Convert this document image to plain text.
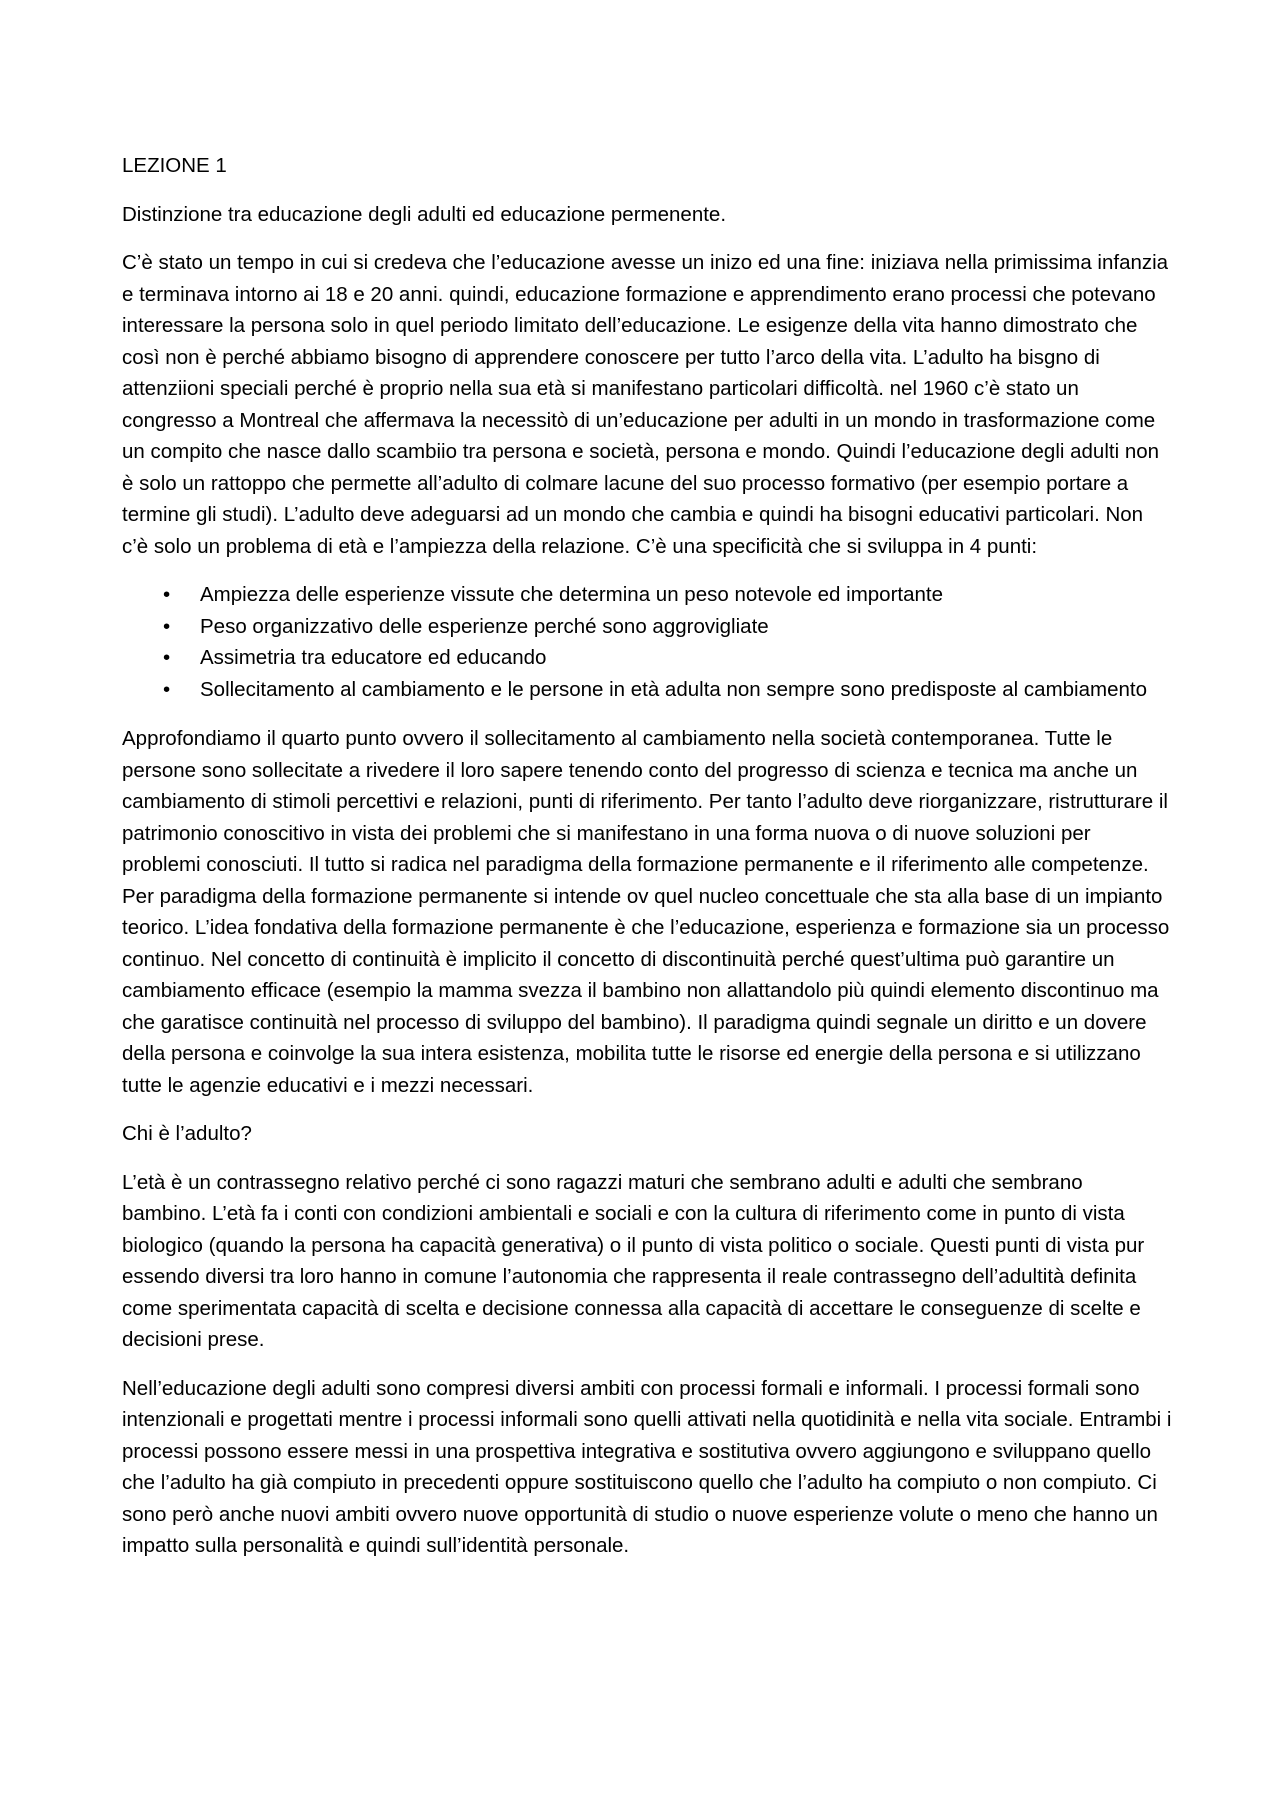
LEZIONE 1

Distinzione tra educazione degli adulti ed educazione permenente.

C’è stato un tempo in cui si credeva che l’educazione avesse un inizo ed una fine: iniziava nella primissima infanzia e terminava intorno ai 18 e 20 anni. quindi, educazione formazione e apprendimento erano processi che potevano interessare la persona solo in quel periodo limitato dell’educazione. Le esigenze della vita hanno dimostrato che così non è perché abbiamo bisogno di apprendere conoscere per tutto l’arco della vita. L’adulto ha bisgno di attenziioni speciali perché è proprio nella sua età si manifestano particolari difficoltà. nel 1960 c’è stato un congresso a Montreal che affermava la necessitò di un’educazione per adulti in un mondo in trasformazione come un compito che nasce dallo scambiio tra persona e società, persona e mondo. Quindi l’educazione degli adulti non è solo un rattoppo che permette all’adulto di colmare lacune del suo processo formativo (per esempio portare a termine gli studi). L’adulto deve adeguarsi ad un mondo che cambia e quindi ha bisogni educativi particolari. Non c’è solo un problema di età e l’ampiezza della relazione. C’è una specificità che si sviluppa in 4 punti:

• Ampiezza delle esperienze vissute che determina un peso notevole ed importante
• Peso organizzativo delle esperienze perché sono aggrovigliate
• Assimetria tra educatore ed educando
• Sollecitamento al cambiamento e le persone in età adulta non sempre sono predisposte al cambiamento

Approfondiamo il quarto punto ovvero il sollecitamento al cambiamento nella società contemporanea. Tutte le persone sono sollecitate a rivedere il loro sapere tenendo conto del progresso di scienza e tecnica ma anche un cambiamento di stimoli percettivi e relazioni, punti di riferimento. Per tanto l’adulto deve riorganizzare, ristrutturare il patrimonio conoscitivo in vista dei problemi che si manifestano in una forma nuova o di nuove soluzioni per problemi conosciuti. Il tutto si radica nel paradigma della formazione permanente e il riferimento alle competenze. Per paradigma della formazione permanente si intende ov quel nucleo concettuale che sta alla base di un impianto teorico. L’idea fondativa della formazione permanente è che l’educazione, esperienza e formazione sia un processo continuo. Nel concetto di continuità è implicito il concetto di discontinuità perché quest’ultima può garantire un cambiamento efficace (esempio la mamma svezza il bambino non allattandolo più quindi elemento discontinuo ma che garatisce continuità nel processo di sviluppo del bambino). Il paradigma quindi segnale un diritto e un dovere della persona e coinvolge la sua intera esistenza, mobilita tutte le risorse ed energie della persona e si utilizzano tutte le agenzie educativi e i mezzi necessari.

Chi è l’adulto?

L’età è un contrassegno relativo perché ci sono ragazzi maturi che sembrano adulti e adulti che sembrano bambino. L’età fa i conti con condizioni ambientali e sociali e con la cultura di riferimento come in punto di vista biologico (quando la persona ha capacità generativa) o il punto di vista politico o sociale. Questi punti di vista pur essendo diversi tra loro hanno in comune l’autonomia che rappresenta il reale contrassegno dell’adultità definita come sperimentata capacità di scelta e decisione connessa alla capacità di accettare le conseguenze di scelte e decisioni prese.

Nell’educazione degli adulti sono compresi diversi ambiti con processi formali e informali. I processi formali sono intenzionali e progettati mentre i processi informali sono quelli attivati nella quotidinità e nella vita sociale. Entrambi i processi possono essere messi in una prospettiva integrativa e sostitutiva ovvero aggiungono e sviluppano quello che l’adulto ha già compiuto in precedenti oppure sostituiscono quello che l’adulto ha compiuto o non compiuto. Ci sono però anche nuovi ambiti ovvero nuove opportunità di studio o nuove esperienze volute o meno che hanno un impatto sulla personalità e quindi sull’identità personale.
